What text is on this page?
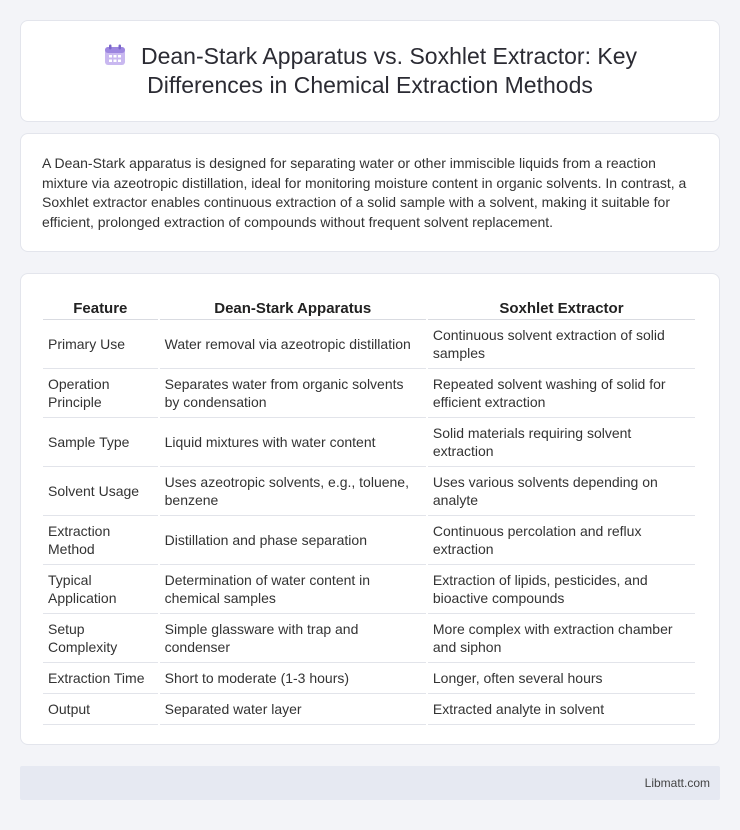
Dean-Stark Apparatus vs. Soxhlet Extractor: Key Differences in Chemical Extraction Methods

A Dean-Stark apparatus is designed for separating water or other immiscible liquids from a reaction mixture via azeotropic distillation, ideal for monitoring moisture content in organic solvents. In contrast, a Soxhlet extractor enables continuous extraction of a solid sample with a solvent, making it suitable for efficient, prolonged extraction of compounds without frequent solvent replacement.

Feature	Dean-Stark Apparatus	Soxhlet Extractor
Primary Use	Water removal via azeotropic distillation	Continuous solvent extraction of solid samples
Operation Principle	Separates water from organic solvents by condensation	Repeated solvent washing of solid for efficient extraction
Sample Type	Liquid mixtures with water content	Solid materials requiring solvent extraction
Solvent Usage	Uses azeotropic solvents, e.g., toluene, benzene	Uses various solvents depending on analyte
Extraction Method	Distillation and phase separation	Continuous percolation and reflux extraction
Typical Application	Determination of water content in chemical samples	Extraction of lipids, pesticides, and bioactive compounds
Setup Complexity	Simple glassware with trap and condenser	More complex with extraction chamber and siphon
Extraction Time	Short to moderate (1-3 hours)	Longer, often several hours
Output	Separated water layer	Extracted analyte in solvent
Libmatt.com
